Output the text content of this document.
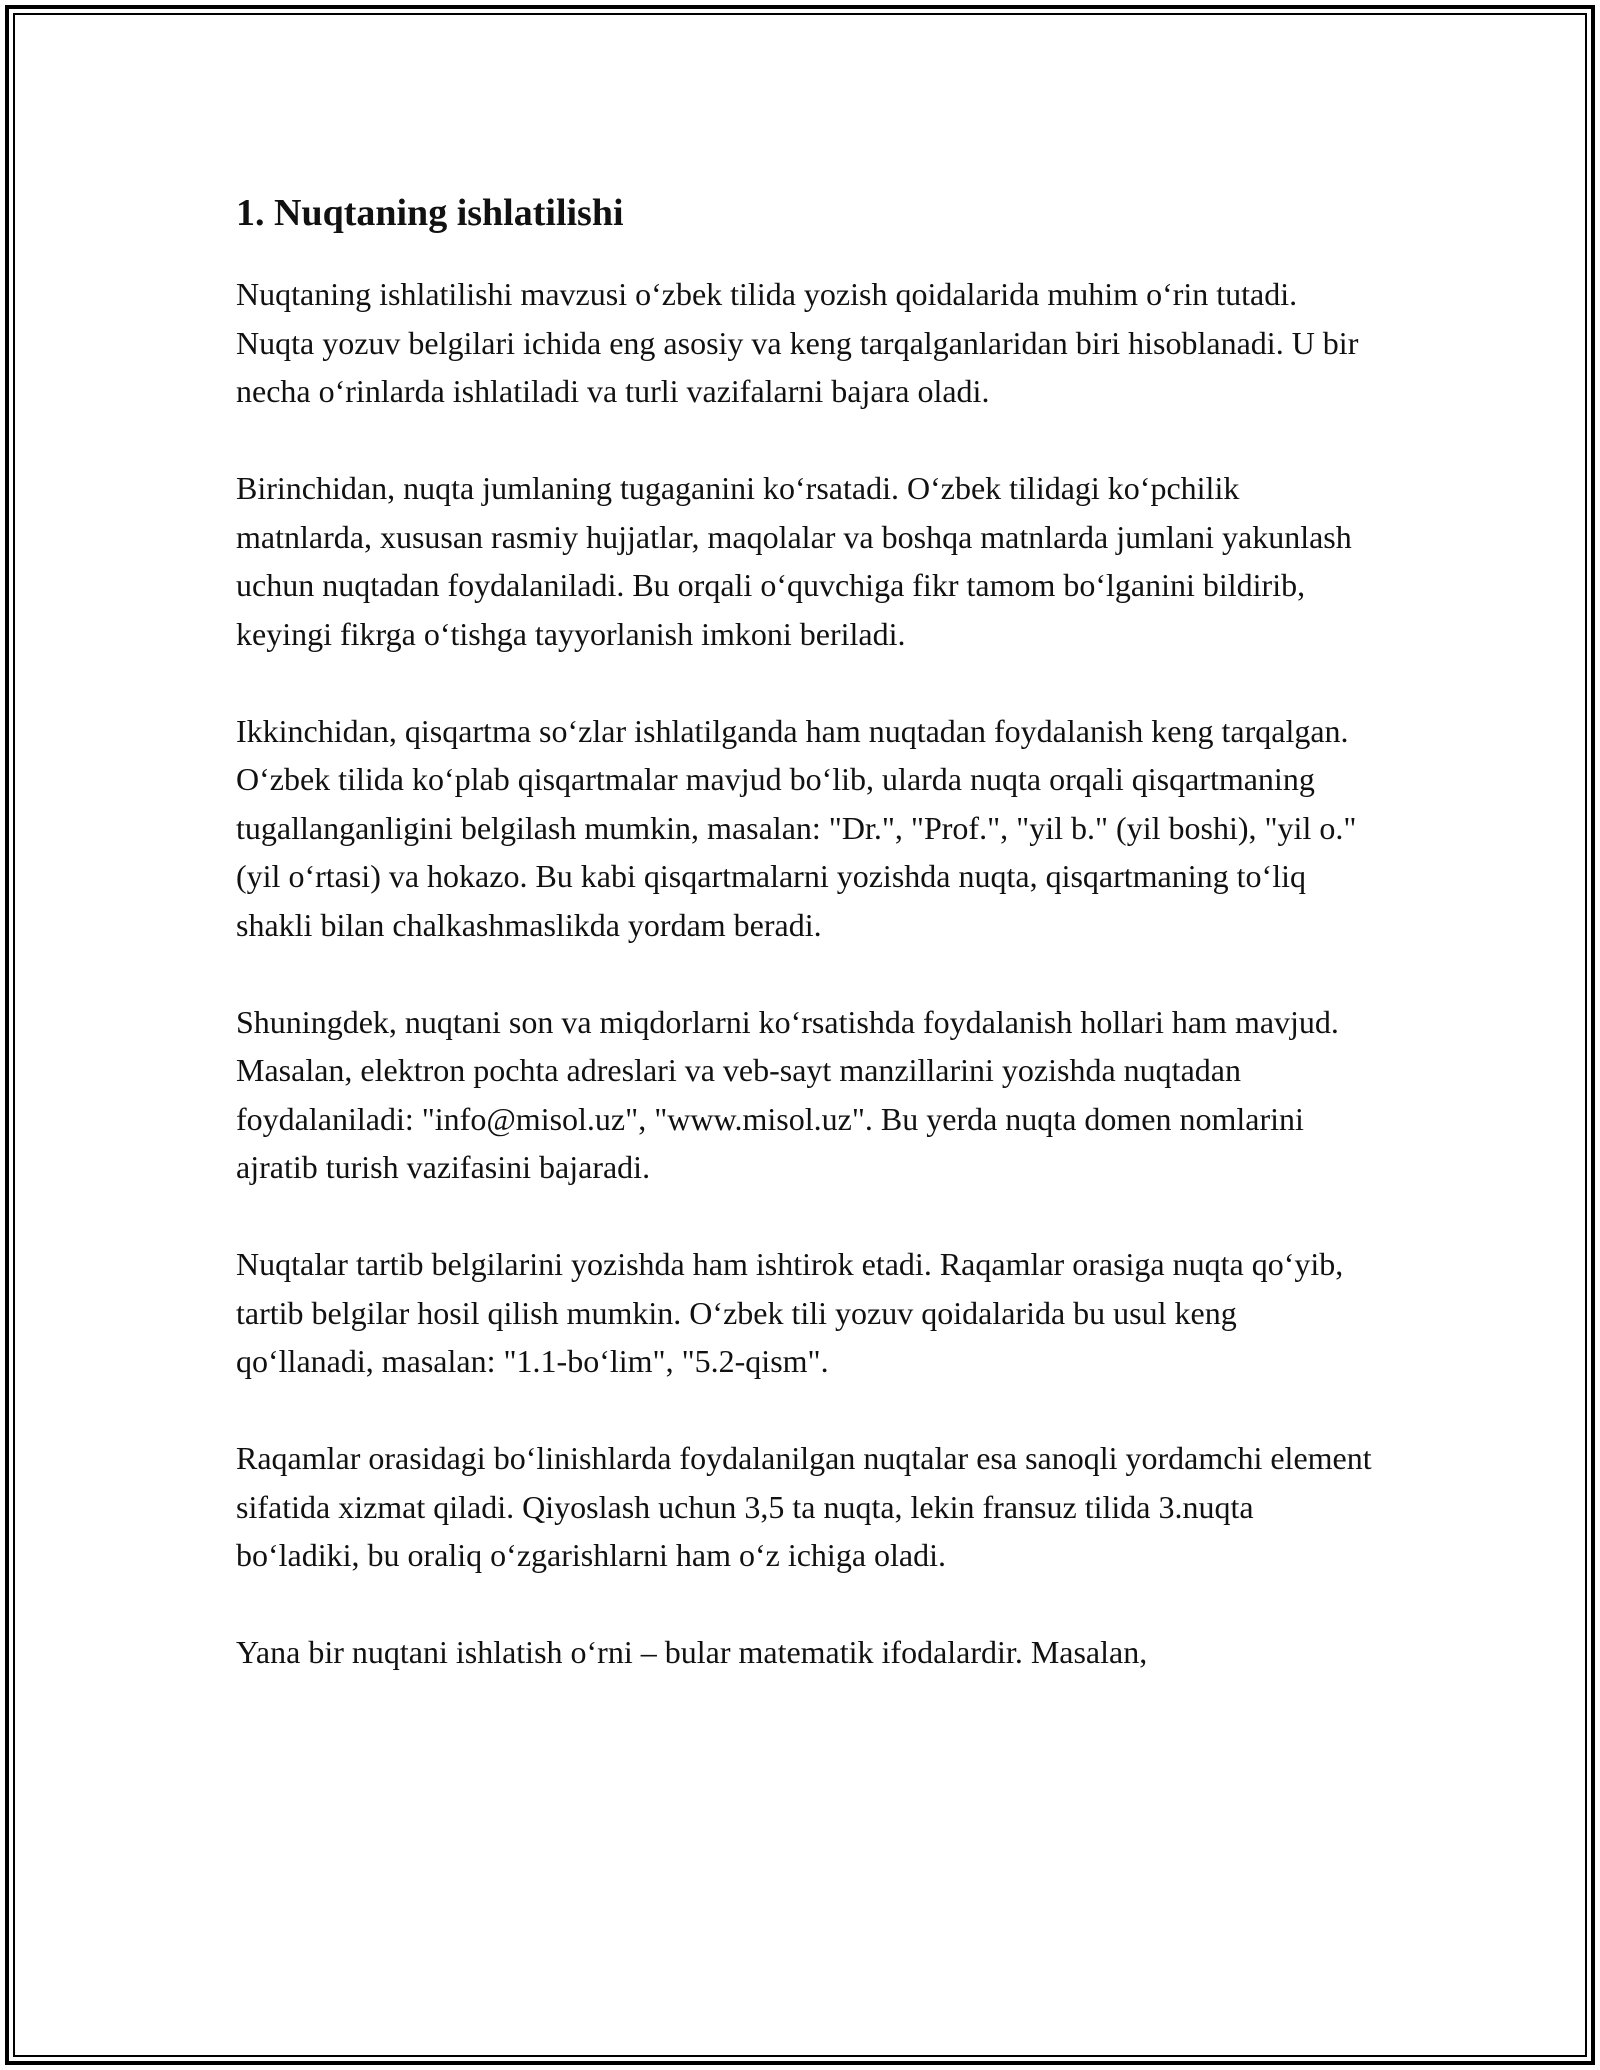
1. Nuqtaning ishlatilishi

Nuqtaning ishlatilishi mavzusi o‘zbek tilida yozish qoidalarida muhim o‘rin tutadi. Nuqta yozuv belgilari ichida eng asosiy va keng tarqalganlaridan biri hisoblanadi. U bir necha o‘rinlarda ishlatiladi va turli vazifalarni bajara oladi.

Birinchidan, nuqta jumlaning tugaganini ko‘rsatadi. O‘zbek tilidagi ko‘pchilik matnlarda, xususan rasmiy hujjatlar, maqolalar va boshqa matnlarda jumlani yakunlash uchun nuqtadan foydalaniladi. Bu orqali o‘quvchiga fikr tamom bo‘lganini bildirib, keyingi fikrga o‘tishga tayyorlanish imkoni beriladi.

Ikkinchidan, qisqartma so‘zlar ishlatilganda ham nuqtadan foydalanish keng tarqalgan. O‘zbek tilida ko‘plab qisqartmalar mavjud bo‘lib, ularda nuqta orqali qisqartmaning tugallanganligini belgilash mumkin, masalan: "Dr.", "Prof.", "yil b." (yil boshi), "yil o." (yil o‘rtasi) va hokazo. Bu kabi qisqartmalarni yozishda nuqta, qisqartmaning to‘liq shakli bilan chalkashmaslikda yordam beradi.

Shuningdek, nuqtani son va miqdorlarni ko‘rsatishda foydalanish hollari ham mavjud. Masalan, elektron pochta adreslari va veb-sayt manzillarini yozishda nuqtadan foydalaniladi: "info@misol.uz", "www.misol.uz". Bu yerda nuqta domen nomlarini ajratib turish vazifasini bajaradi.

Nuqtalar tartib belgilarini yozishda ham ishtirok etadi. Raqamlar orasiga nuqta qo‘yib, tartib belgilar hosil qilish mumkin. O‘zbek tili yozuv qoidalarida bu usul keng qo‘llanadi, masalan: "1.1-bo‘lim", "5.2-qism".

Raqamlar orasidagi bo‘linishlarda foydalanilgan nuqtalar esa sanoqli yordamchi element sifatida xizmat qiladi. Qiyoslash uchun 3,5 ta nuqta, lekin fransuz tilida 3.nuqta bo‘ladiki, bu oraliq o‘zgarishlarni ham o‘z ichiga oladi.

Yana bir nuqtani ishlatish o‘rni – bular matematik ifodalardir. Masalan,
